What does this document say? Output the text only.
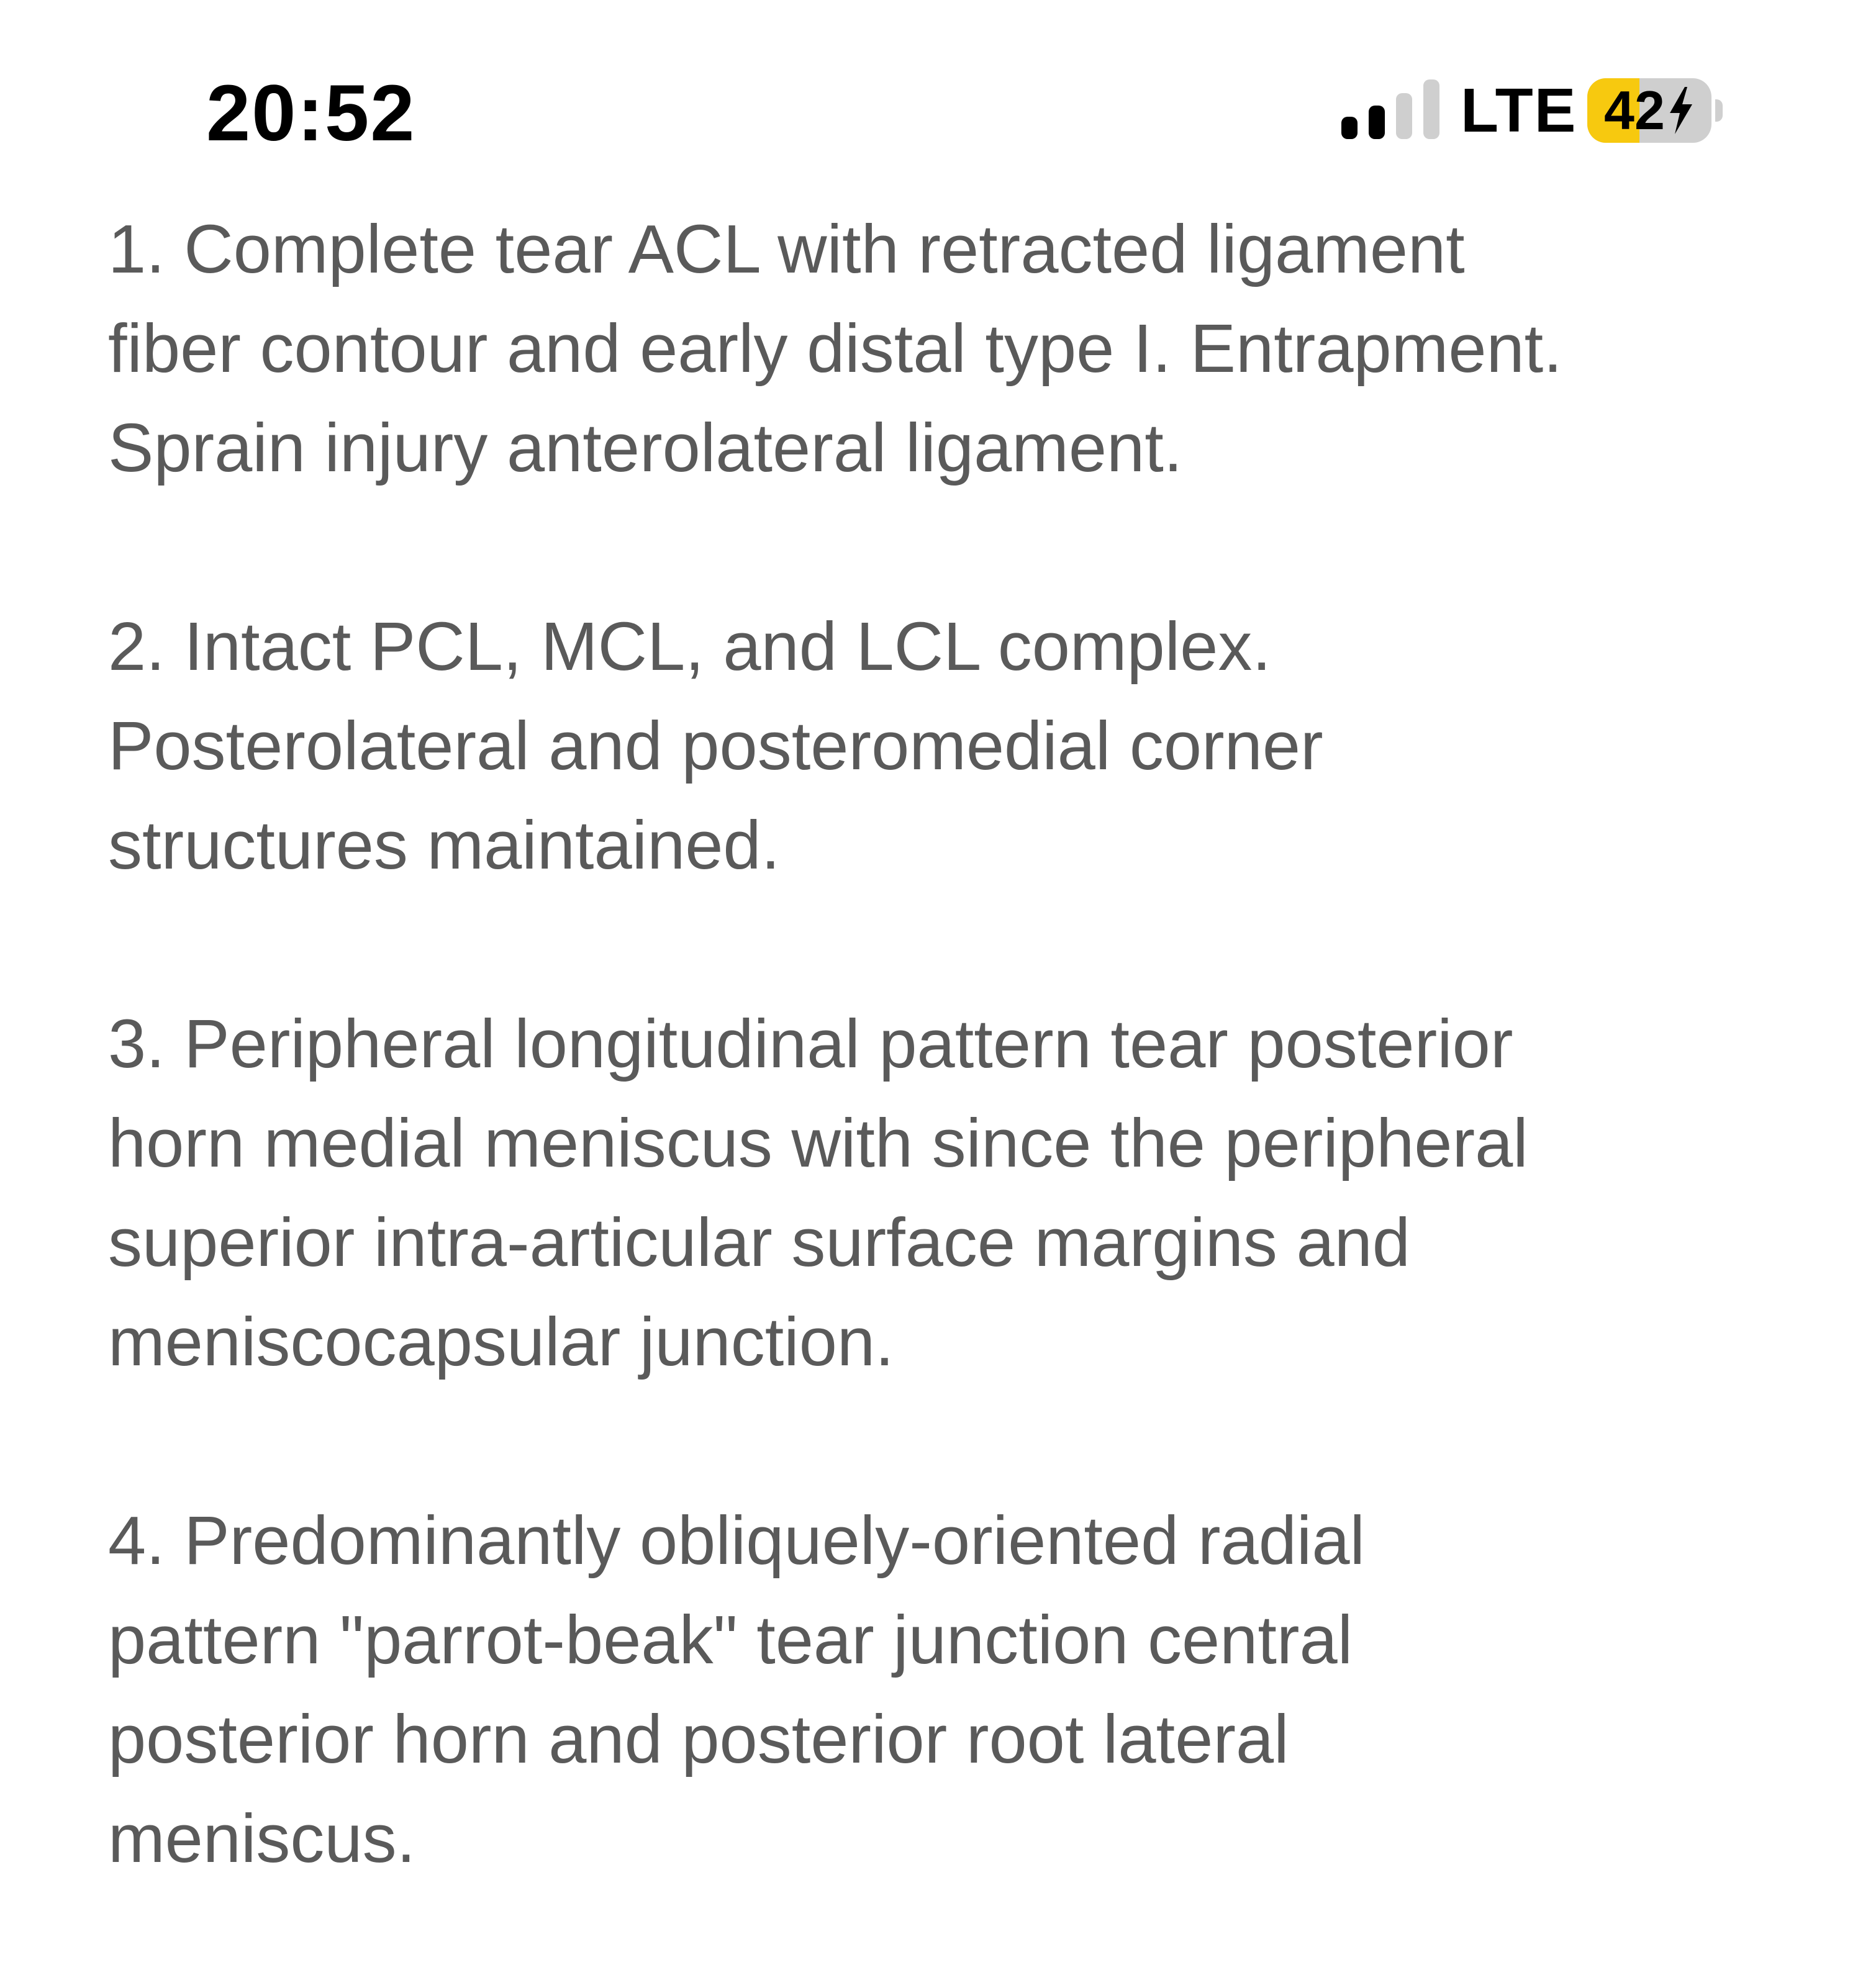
20:52	LTE 42

1. Complete tear ACL with retracted ligament
fiber contour and early distal type I. Entrapment.
Sprain injury anterolateral ligament.

2. Intact PCL, MCL, and LCL complex.
Posterolateral and posteromedial corner
structures maintained.

3. Peripheral longitudinal pattern tear posterior
horn medial meniscus with since the peripheral
superior intra-articular surface margins and
meniscocapsular junction.

4. Predominantly obliquely-oriented radial
pattern "parrot-beak" tear junction central
posterior horn and posterior root lateral
meniscus.
